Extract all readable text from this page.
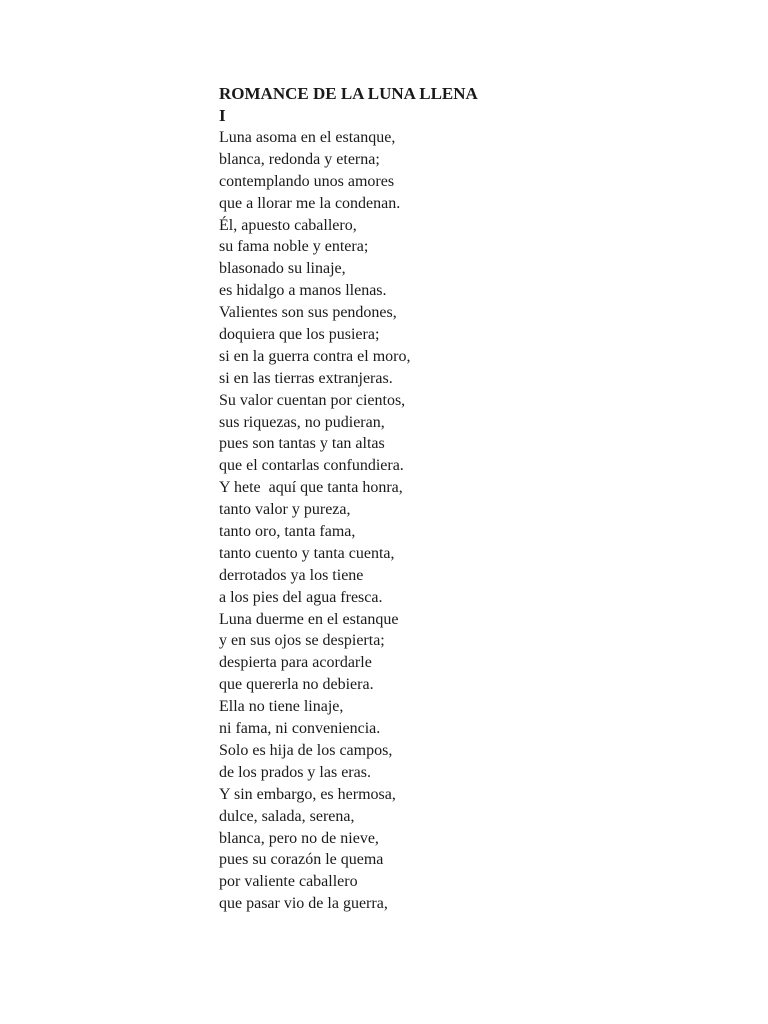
ROMANCE DE LA LUNA LLENA
I
Luna asoma en el estanque,
blanca, redonda y eterna;
contemplando unos amores
que a llorar me la condenan.
Él, apuesto caballero,
su fama noble y entera;
blasonado su linaje,
es hidalgo a manos llenas.
Valientes son sus pendones,
doquiera que los pusiera;
si en la guerra contra el moro,
si en las tierras extranjeras.
Su valor cuentan por cientos,
sus riquezas, no pudieran,
pues son tantas y tan altas
que el contarlas confundiera.
Y hete  aquí que tanta honra,
tanto valor y pureza,
tanto oro, tanta fama,
tanto cuento y tanta cuenta,
derrotados ya los tiene
a los pies del agua fresca.
Luna duerme en el estanque
y en sus ojos se despierta;
despierta para acordarle
que quererla no debiera.
Ella no tiene linaje,
ni fama, ni conveniencia.
Solo es hija de los campos,
de los prados y las eras.
Y sin embargo, es hermosa,
dulce, salada, serena,
blanca, pero no de nieve,
pues su corazón le quema
por valiente caballero
que pasar vio de la guerra,
